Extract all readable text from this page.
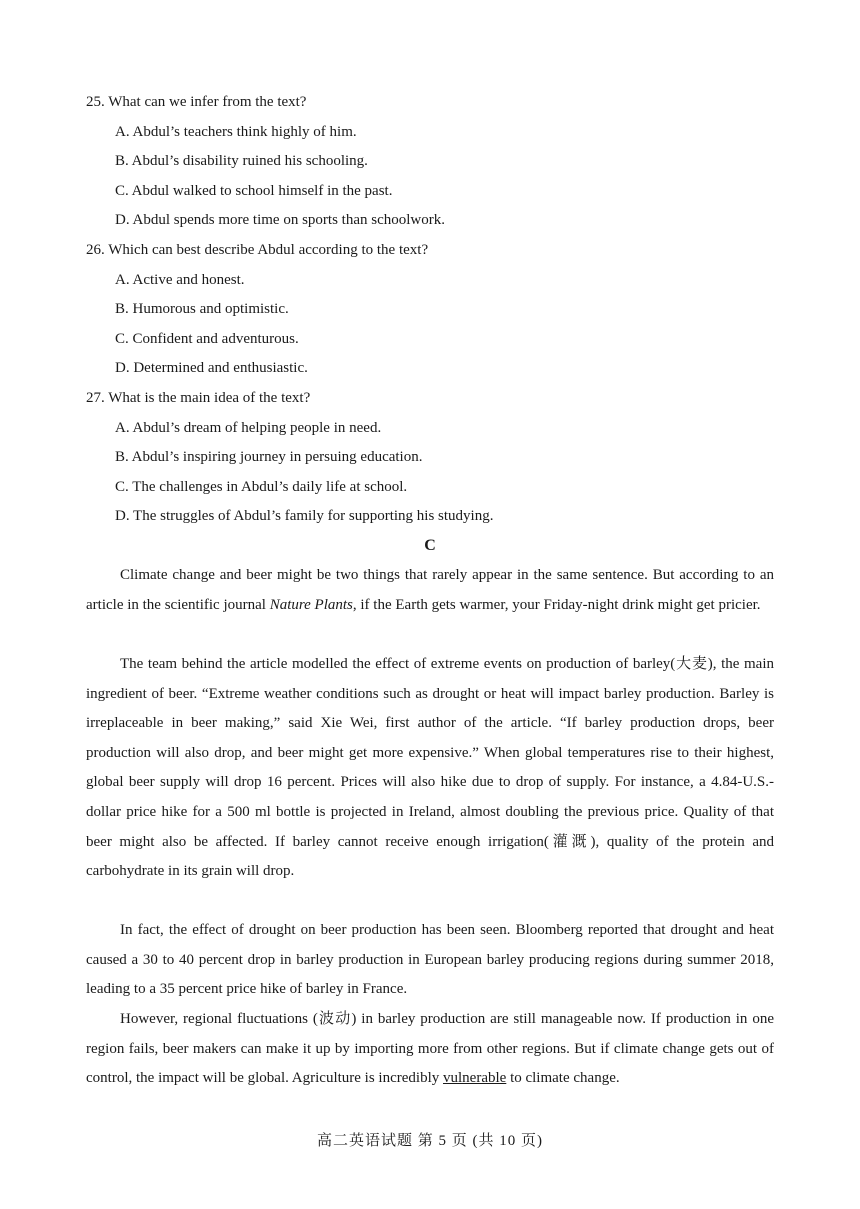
25. What can we infer from the text?
A. Abdul’s teachers think highly of him.
B. Abdul’s disability ruined his schooling.
C. Abdul walked to school himself in the past.
D. Abdul spends more time on sports than schoolwork.
26. Which can best describe Abdul according to the text?
A. Active and honest.
B. Humorous and optimistic.
C. Confident and adventurous.
D. Determined and enthusiastic.
27. What is the main idea of the text?
A. Abdul’s dream of helping people in need.
B. Abdul’s inspiring journey in persuing education.
C. The challenges in Abdul’s daily life at school.
D. The struggles of Abdul’s family for supporting his studying.
C

Climate change and beer might be two things that rarely appear in the same sentence. But according to an article in the scientific journal Nature Plants, if the Earth gets warmer, your Friday-night drink might get pricier.

The team behind the article modelled the effect of extreme events on production of barley(大麦), the main ingredient of beer. “Extreme weather conditions such as drought or heat will impact barley production. Barley is irreplaceable in beer making,” said Xie Wei, first author of the article. “If barley production drops, beer production will also drop, and beer might get more expensive.” When global temperatures rise to their highest, global beer supply will drop 16 percent. Prices will also hike due to drop of supply. For instance, a 4.84-U.S.-dollar price hike for a 500 ml bottle is projected in Ireland, almost doubling the previous price. Quality of that beer might also be affected. If barley cannot receive enough irrigation(灌溉), quality of the protein and carbohydrate in its grain will drop.

In fact, the effect of drought on beer production has been seen. Bloomberg reported that drought and heat caused a 30 to 40 percent drop in barley production in European barley producing regions during summer 2018, leading to a 35 percent price hike of barley in France.

However, regional fluctuations (波动) in barley production are still manageable now. If production in one region fails, beer makers can make it up by importing more from other regions. But if climate change gets out of control, the impact will be global. Agriculture is incredibly vulnerable to climate change.

高二英语试题 第 5 页 (共 10 页)
